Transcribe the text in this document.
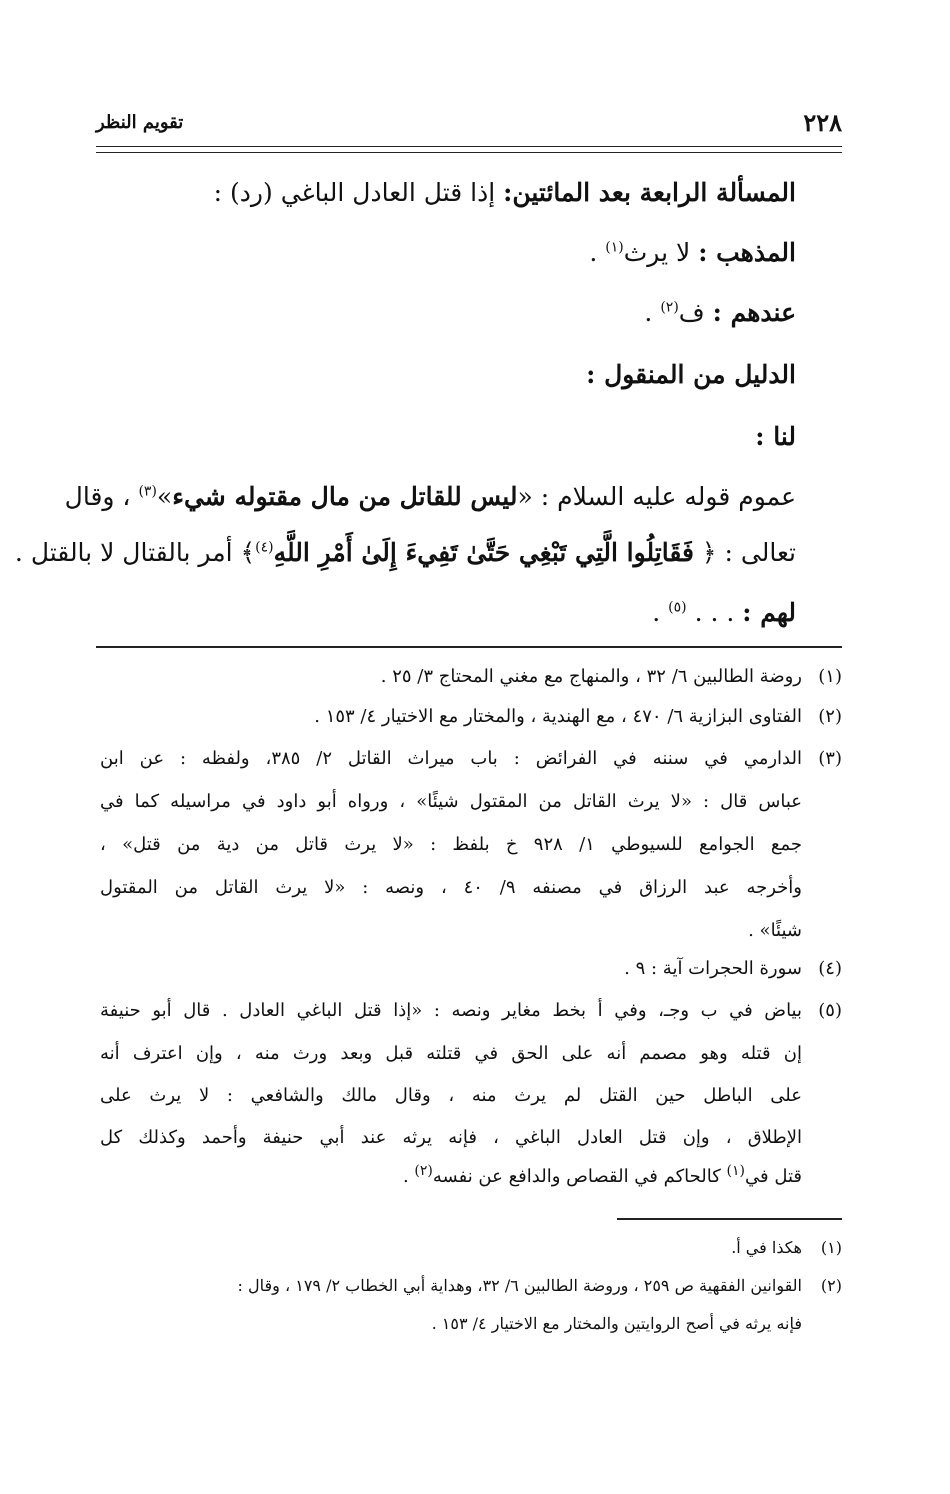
٢٢٨
تقويم النظر
المسألة الرابعة بعد المائتين: إذا قتل العادل الباغي (رد) :
المذهب : لا يرث$^{(١)}$ .
عندهم : ف$^{(٢)}$ .
الدليل من المنقول :
لنا :
عموم قوله عليه السلام : «ليس للقاتل من مال مقتوله شيء»$^{(٣)}$ ، وقال
تعالى : ﴿ فَقَاتِلُوا الَّتِي تَبْغِي حَتَّىٰ تَفِيءَ إِلَىٰ أَمْرِ اللَّهِ$^{(٤)}$﴾ أمر بالقتال لا بالقتل .
لهم : . . . $^{(٥)}$ .
(١)
روضة الطالبين ٦/ ٣٢ ، والمنهاج مع مغني المحتاج ٣/ ٢٥ .
(٢)
الفتاوى البزازية ٦/ ٤٧٠ ، مع الهندية ، والمختار مع الاختيار ٤/ ١٥٣ .
(٣)
الدارمي في سننه في الفرائض : باب ميراث القاتل ٢/ ٣٨٥، ولفظه : عن ابن
عباس قال : «لا يرث القاتل من المقتول شيئًا» ، ورواه أبو داود في مراسيله كما في
جمع الجوامع للسيوطي ١/ ٩٢٨ خ بلفظ : «لا يرث قاتل من دية من قتل» ،
وأخرجه عبد الرزاق في مصنفه ٩/ ٤٠ ، ونصه : «لا يرث القاتل من المقتول
شيئًا» .
(٤)
سورة الحجرات آية : ٩ .
(٥)
بياض في ب وجـ، وفي أ بخط مغاير ونصه : «إذا قتل الباغي العادل . قال أبو حنيفة
إن قتله وهو مصمم أنه على الحق في قتلته قبل وبعد ورث منه ، وإن اعترف أنه
على الباطل حين القتل لم يرث منه ، وقال مالك والشافعي : لا يرث على
الإطلاق ، وإن قتل العادل الباغي ، فإنه يرثه عند أبي حنيفة وأحمد وكذلك كل
قتل في$^{(١)}$ كالحاكم في القصاص والدافع عن نفسه$^{(٢)}$ .
(١)
هكذا في أ.
(٢)
القوانين الفقهية ص ٢٥٩ ، وروضة الطالبين ٦/ ٣٢، وهداية أبي الخطاب ٢/ ١٧٩ ، وقال :
فإنه يرثه في أصح الروايتين والمختار مع الاختيار ٤/ ١٥٣ .
